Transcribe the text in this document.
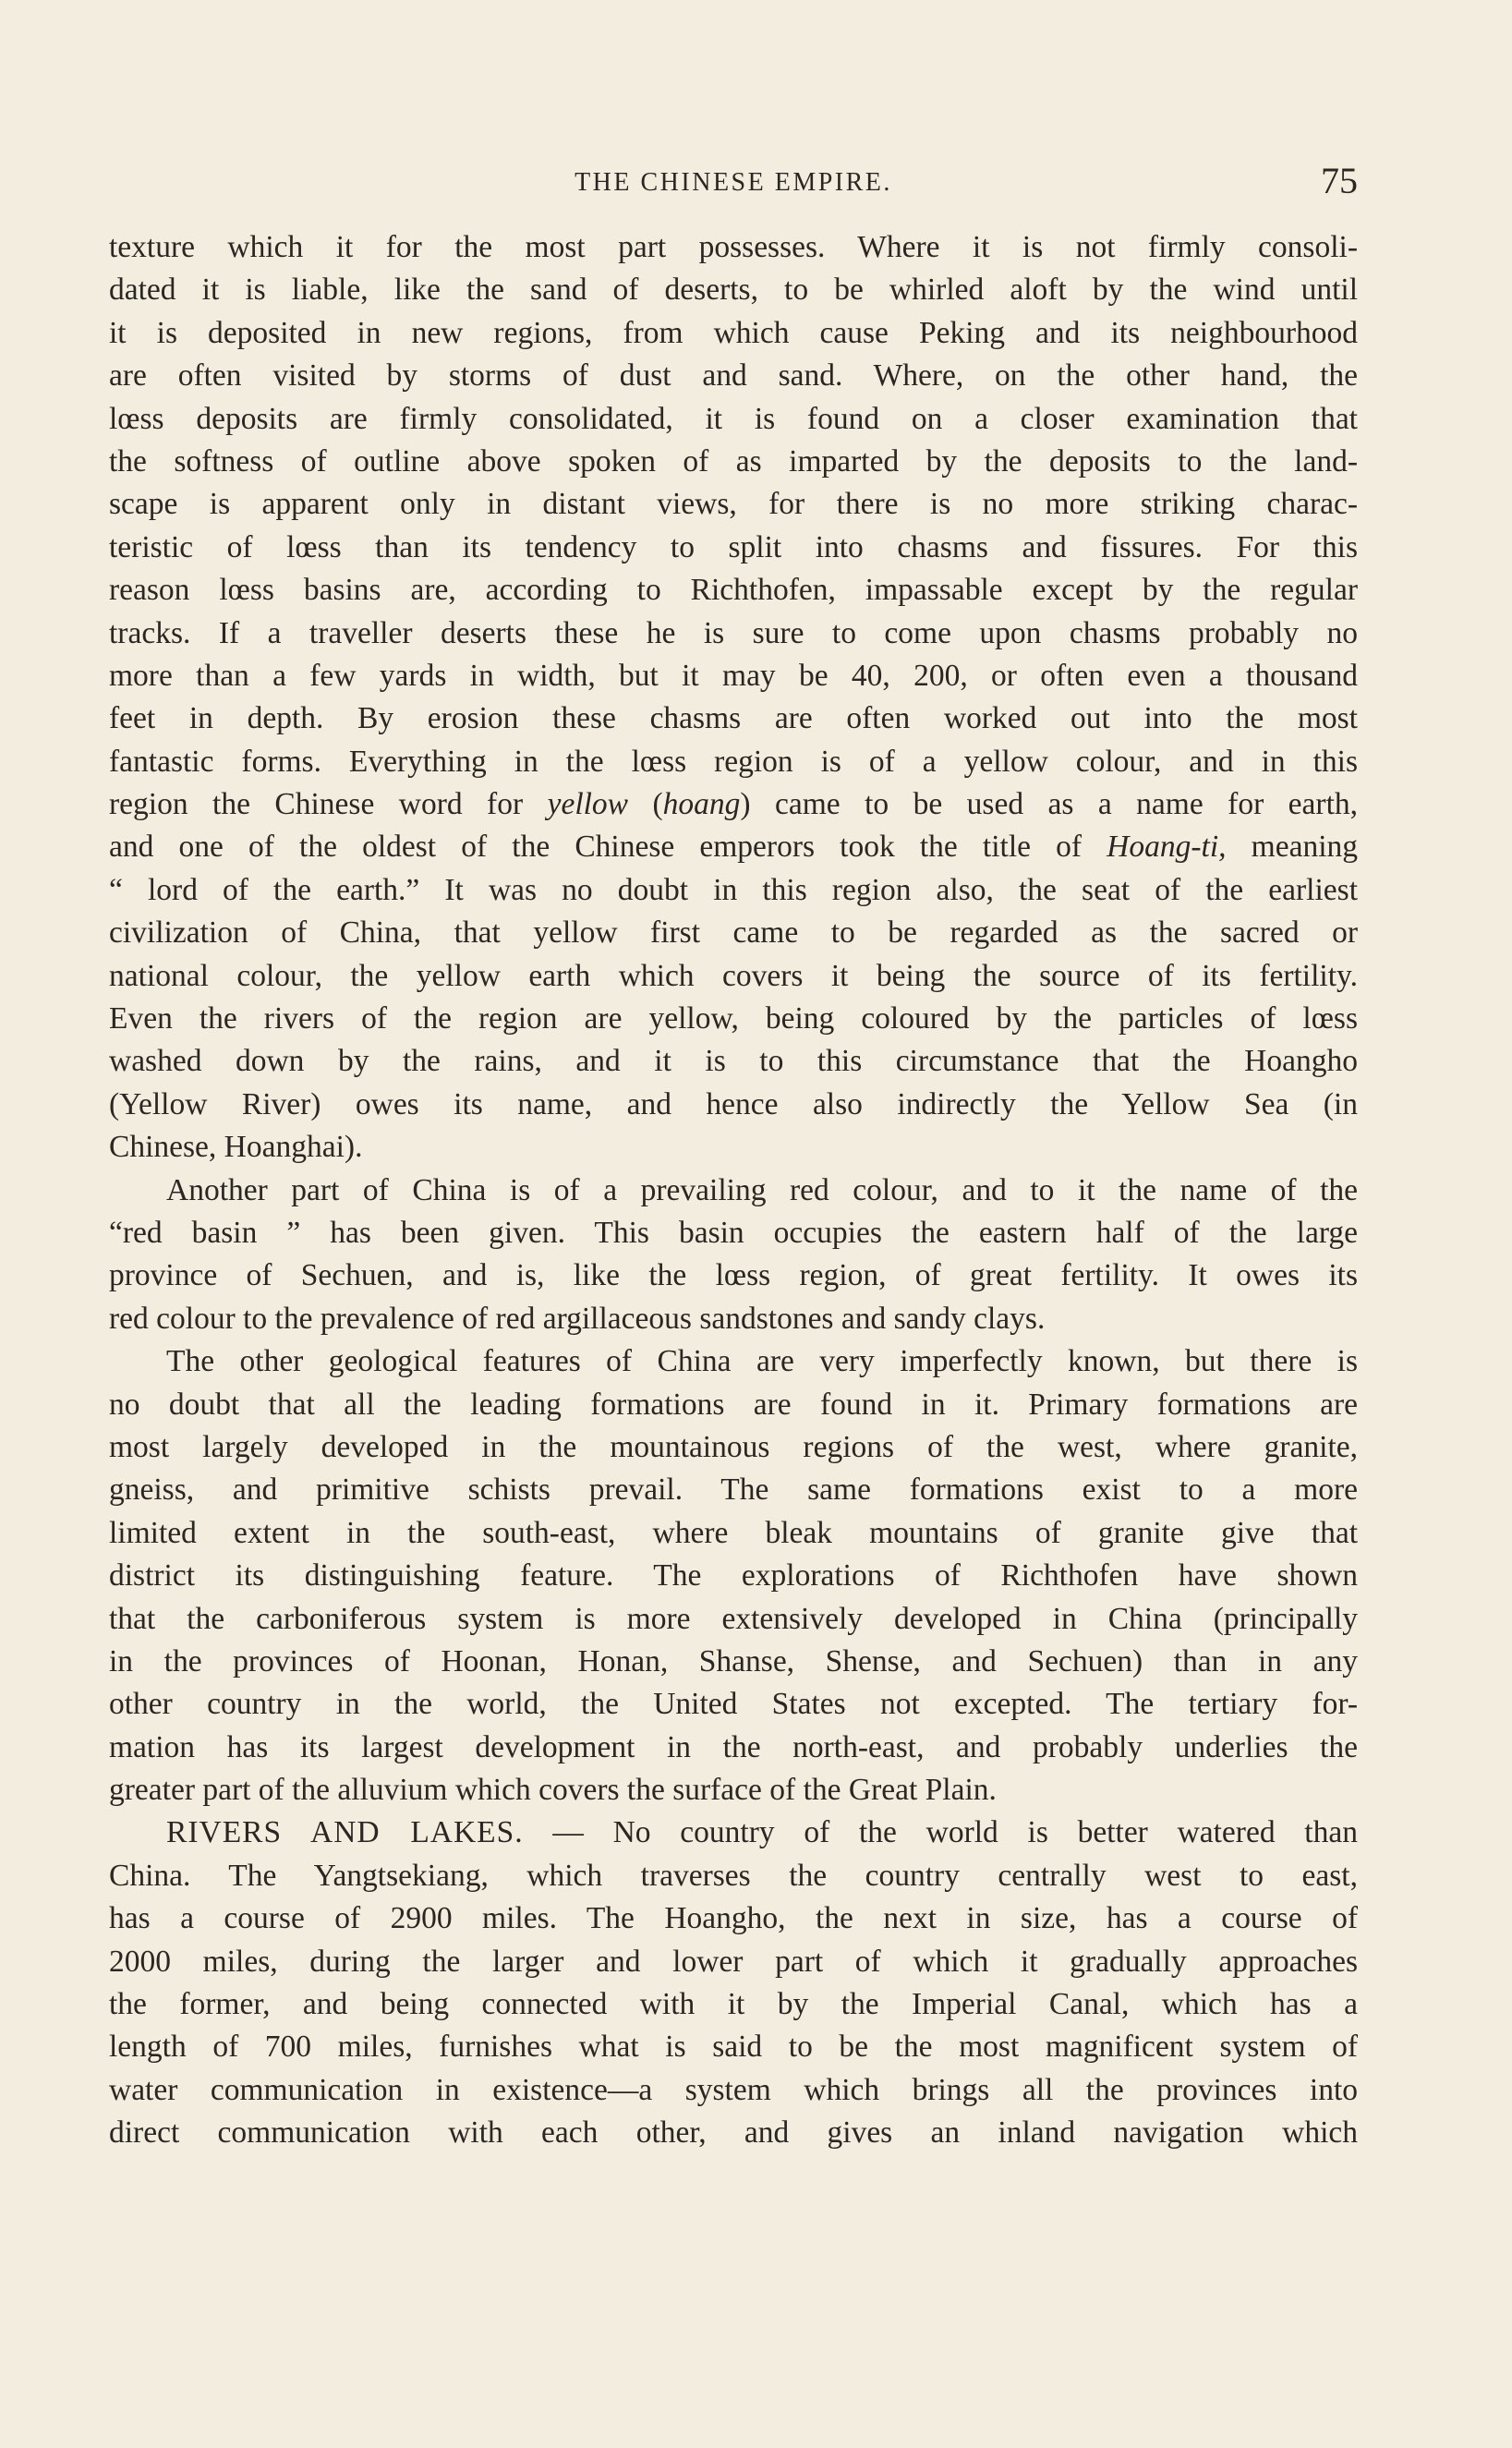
THE CHINESE EMPIRE.	75
texture which it for the most part possesses. Where it is not firmly consoli-
dated it is liable, like the sand of deserts, to be whirled aloft by the wind until
it is deposited in new regions, from which cause Peking and its neighbourhood
are often visited by storms of dust and sand. Where, on the other hand, the
lœss deposits are firmly consolidated, it is found on a closer examination that
the softness of outline above spoken of as imparted by the deposits to the land-
scape is apparent only in distant views, for there is no more striking charac-
teristic of lœss than its tendency to split into chasms and fissures. For this
reason lœss basins are, according to Richthofen, impassable except by the regular
tracks. If a traveller deserts these he is sure to come upon chasms probably no
more than a few yards in width, but it may be 40, 200, or often even a thousand
feet in depth. By erosion these chasms are often worked out into the most
fantastic forms. Everything in the lœss region is of a yellow colour, and in this
region the Chinese word for yellow (hoang) came to be used as a name for earth,
and one of the oldest of the Chinese emperors took the title of Hoang-ti, meaning
“ lord of the earth.” It was no doubt in this region also, the seat of the earliest
civilization of China, that yellow first came to be regarded as the sacred or
national colour, the yellow earth which covers it being the source of its fertility.
Even the rivers of the region are yellow, being coloured by the particles of lœss
washed down by the rains, and it is to this circumstance that the Hoangho
(Yellow River) owes its name, and hence also indirectly the Yellow Sea (in
Chinese, Hoanghai).
Another part of China is of a prevailing red colour, and to it the name of the
“red basin ” has been given. This basin occupies the eastern half of the large
province of Sechuen, and is, like the lœss region, of great fertility. It owes its
red colour to the prevalence of red argillaceous sandstones and sandy clays.
The other geological features of China are very imperfectly known, but there is
no doubt that all the leading formations are found in it. Primary formations are
most largely developed in the mountainous regions of the west, where granite,
gneiss, and primitive schists prevail. The same formations exist to a more
limited extent in the south-east, where bleak mountains of granite give that
district its distinguishing feature. The explorations of Richthofen have shown
that the carboniferous system is more extensively developed in China (principally
in the provinces of Hoonan, Honan, Shanse, Shense, and Sechuen) than in any
other country in the world, the United States not excepted. The tertiary for-
mation has its largest development in the north-east, and probably underlies the
greater part of the alluvium which covers the surface of the Great Plain.
RIVERS AND LAKES. — No country of the world is better watered than
China. The Yangtsekiang, which traverses the country centrally west to east,
has a course of 2900 miles. The Hoangho, the next in size, has a course of
2000 miles, during the larger and lower part of which it gradually approaches
the former, and being connected with it by the Imperial Canal, which has a
length of 700 miles, furnishes what is said to be the most magnificent system of
water communication in existence—a system which brings all the provinces into
direct communication with each other, and gives an inland navigation which
